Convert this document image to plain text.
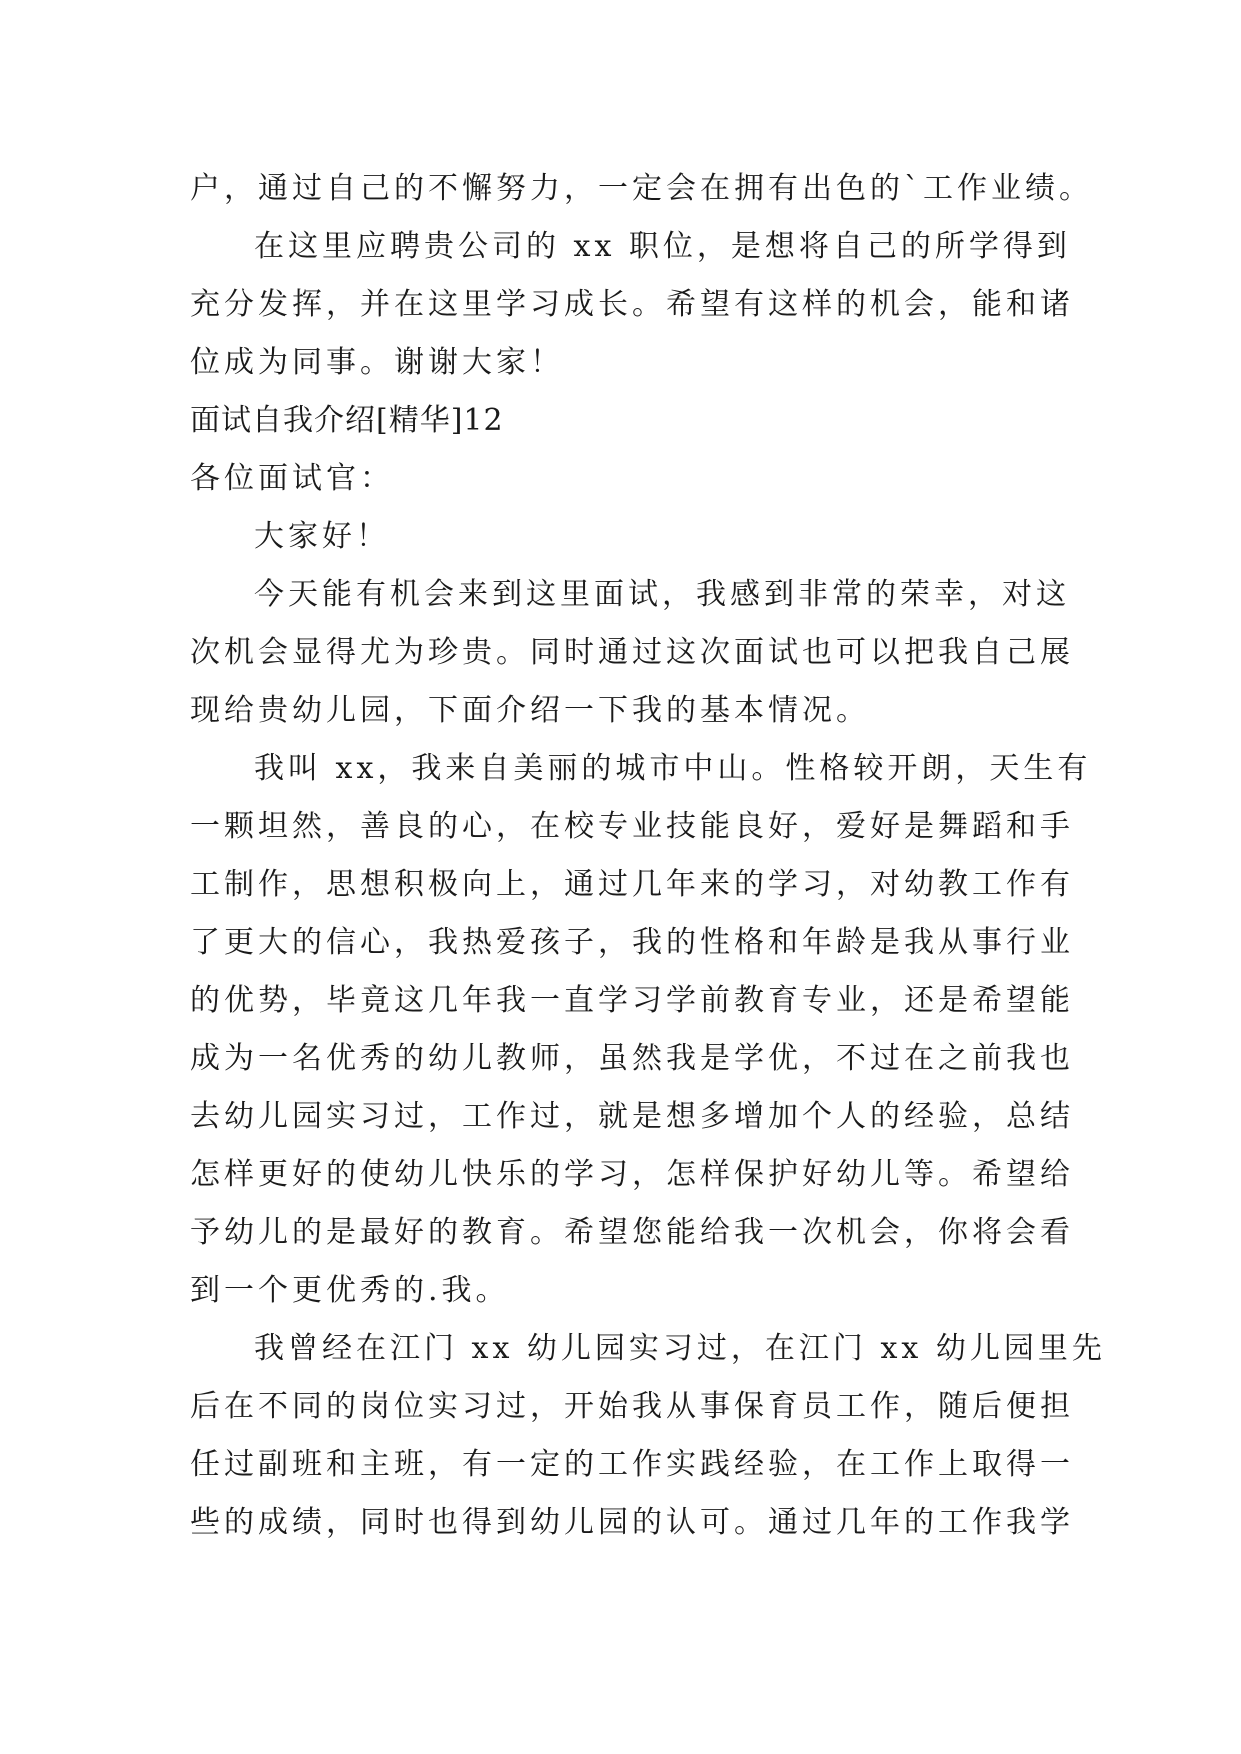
户，通过自己的不懈努力，一定会在拥有出色的`工作业绩。
在这里应聘贵公司的 xx 职位，是想将自己的所学得到
充分发挥，并在这里学习成长。希望有这样的机会，能和诸
位成为同事。谢谢大家！
面试自我介绍[精华]12
各位面试官：
大家好！
今天能有机会来到这里面试，我感到非常的荣幸，对这
次机会显得尤为珍贵。同时通过这次面试也可以把我自己展
现给贵幼儿园，下面介绍一下我的基本情况。
我叫 xx，我来自美丽的城市中山。性格较开朗，天生有
一颗坦然，善良的心，在校专业技能良好，爱好是舞蹈和手
工制作，思想积极向上，通过几年来的学习，对幼教工作有
了更大的信心，我热爱孩子，我的性格和年龄是我从事行业
的优势，毕竟这几年我一直学习学前教育专业，还是希望能
成为一名优秀的幼儿教师，虽然我是学优，不过在之前我也
去幼儿园实习过，工作过，就是想多增加个人的经验，总结
怎样更好的使幼儿快乐的学习，怎样保护好幼儿等。希望给
予幼儿的是最好的教育。希望您能给我一次机会，你将会看
到一个更优秀的.我。
我曾经在江门 xx 幼儿园实习过，在江门 xx 幼儿园里先
后在不同的岗位实习过，开始我从事保育员工作，随后便担
任过副班和主班，有一定的工作实践经验，在工作上取得一
些的成绩，同时也得到幼儿园的认可。通过几年的工作我学
